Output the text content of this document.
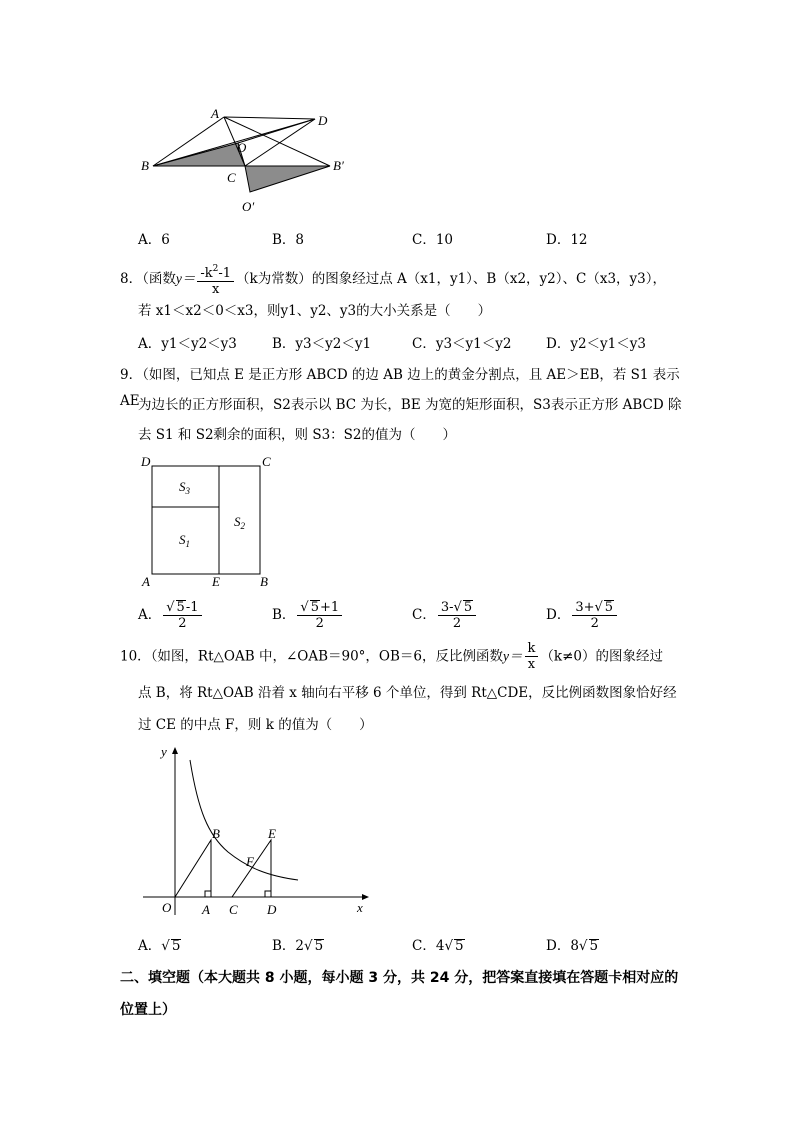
A	D
O
B
C
B′
O′
A．6	B．8	C．10	D．12
8．（函数$y= \frac{-k^2-1}{x} (k$为常数）的图象经过点 A（x1，y1）、B（x2，y2）、C（x3，y3），
若 x1＜x2＜0＜x3，则y1、y2、y3的大小关系是（　　）
A．y1＜y2＜y3	B．y3＜y2＜y1	C．y3＜y1＜y2	D．y2＜y1＜y3
9．（如图，已知点 E 是正方形 ABCD 的边 AB 边上的黄金分割点，且 AE＞EB，若 S1 表示 AE
为边长的正方形面积，S2表示以 BC 为长，BE 为宽的矩形面积，S3表示正方形 ABCD 除
去 S1 和 S2剩余的面积，则 S3：S2的值为（　　）
D	C
A	E	B
$S_3$
$S_1$
$S_2$
A． $\frac{√ 5-1}{2}$	B． $\frac{√ 5+1}{2}$	C． $\frac{3-√ 5}{2}$	D． $\frac{3+√ 5}{2}$
10．（如图，Rt△OAB 中，∠OAB＝90°，OB＝6，反比例函数$y= \frac{k}{x} (k\ne 0)$的图象经过
点 B，将 Rt△OAB 沿着 x 轴向右平移 6 个单位，得到 Rt△CDE，反比例函数图象恰好经
过 CE 的中点 F，则 k 的值为（　　）
y
x
O A C D
B	E
F
A．√ 5	B．2√ 5	C．4√ 5	D．8√ 5
二、填空题（本大题共 8 小题，每小题 3 分，共 24 分，把答案直接填在答题卡相对应的位置上）
